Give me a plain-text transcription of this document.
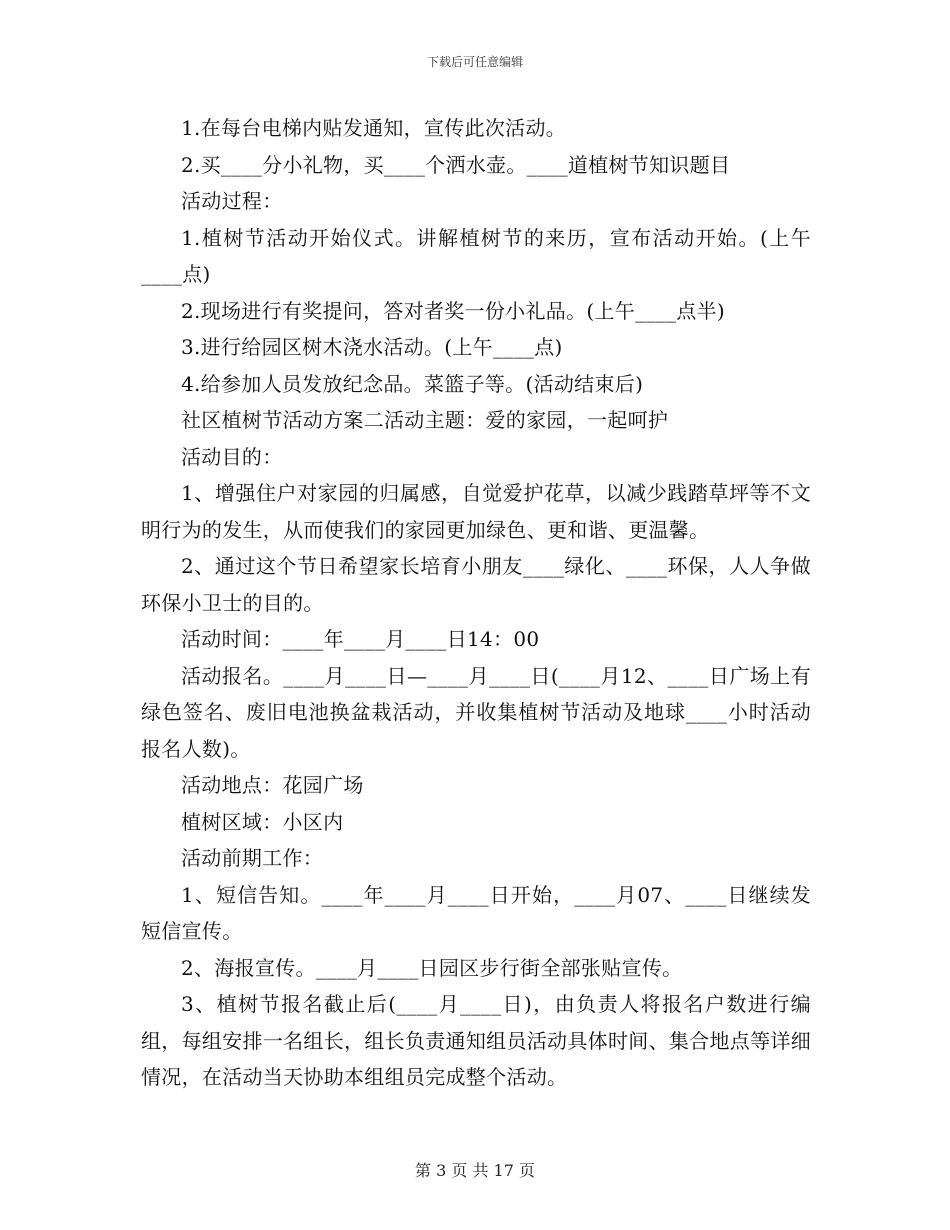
下载后可任意编辑

1.在每台电梯内贴发通知，宣传此次活动。

2.买____分小礼物，买____个洒水壶。____道植树节知识题目

活动过程：

1.植树节活动开始仪式。讲解植树节的来历，宣布活动开始。(上午____点)

2.现场进行有奖提问，答对者奖一份小礼品。(上午____点半)

3.进行给园区树木浇水活动。(上午____点)

4.给参加人员发放纪念品。菜篮子等。(活动结束后)

社区植树节活动方案二活动主题：爱的家园，一起呵护

活动目的：

1、增强住户对家园的归属感，自觉爱护花草，以减少践踏草坪等不文明行为的发生，从而使我们的家园更加绿色、更和谐、更温馨。

2、通过这个节日希望家长培育小朋友____绿化、____环保，人人争做环保小卫士的目的。

活动时间：____年____月____日14：00

活动报名。____月____日—____月____日(____月12、____日广场上有绿色签名、废旧电池换盆栽活动，并收集植树节活动及地球____小时活动报名人数)。

活动地点：花园广场

植树区域：小区内

活动前期工作：

1、短信告知。____年____月____日开始，____月07、____日继续发短信宣传。

2、海报宣传。____月____日园区步行街全部张贴宣传。

3、植树节报名截止后(____月____日)，由负责人将报名户数进行编组，每组安排一名组长，组长负责通知组员活动具体时间、集合地点等详细情况，在活动当天协助本组组员完成整个活动。

第 3 页 共 17 页
